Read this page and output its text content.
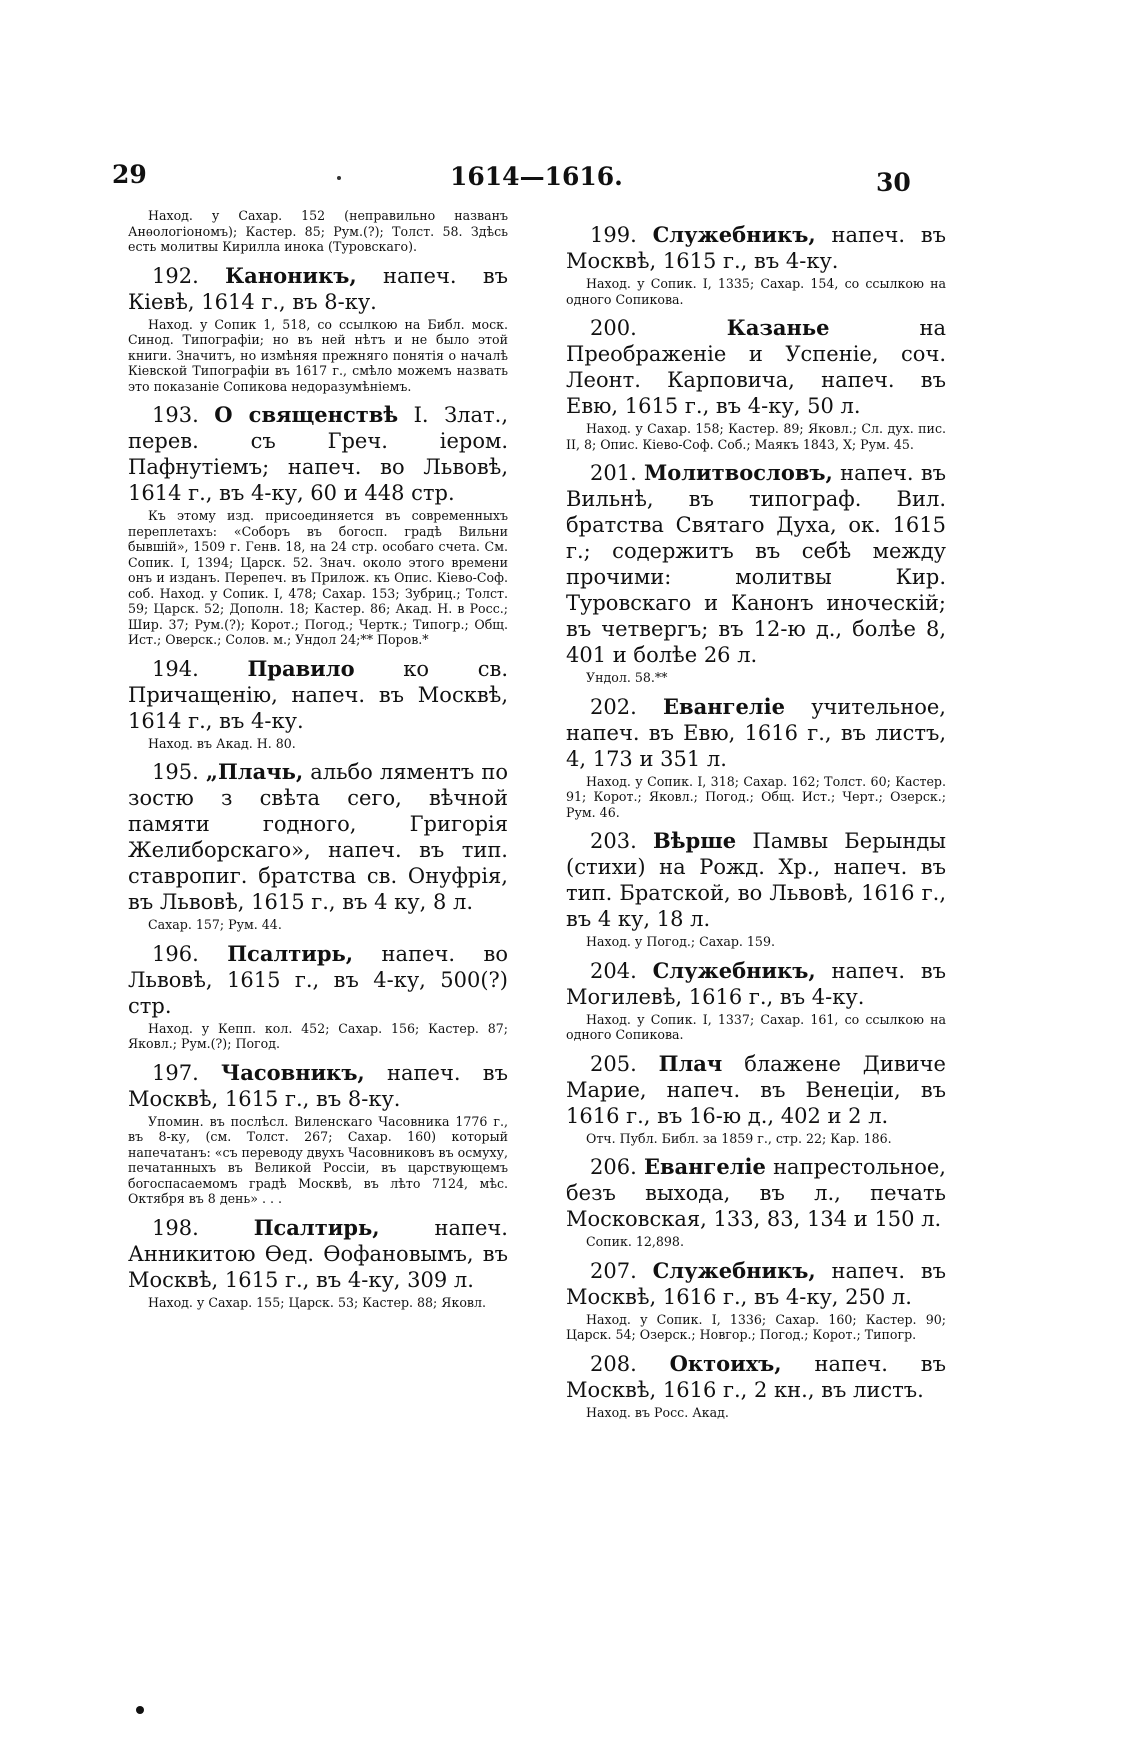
29	1614—1616.	30

Наход. у Сахар. 152 (неправильно названъ Анѳологіономъ); Кастер. 85; Рум.(?); Толст. 58. Здѣсь есть молитвы Кирилла инока (Туровскаго).

192. Каноникъ, напеч. въ Кіевѣ, 1614 г., въ 8-ку.

Наход. у Сопик 1, 518, со ссылкою на Библ. моск. Синод. Типографіи; но въ ней нѣтъ и не было этой книги. Значитъ, но измѣняя прежняго понятія о началѣ Кіевской Типографіи въ 1617 г., смѣло можемъ назвать это показаніе Сопикова недоразумѣніемъ.

193. О священствѣ І. Злат., перев. съ Греч. іером. Пафнутіемъ; напеч. во Львовѣ, 1614 г., въ 4-ку, 60 и 448 стр.

Къ этому изд. присоединяется въ современныхъ переплетахъ: «Соборъ въ богосп. градѣ Вильни бывшій», 1509 г. Генв. 18, на 24 стр. особаго счета. См. Сопик. I, 1394; Царск. 52. Знач. около этого времени онъ и изданъ. Перепеч. въ Прилож. къ Опис. Кіево-Соф. соб. Наход. у Сопик. I, 478; Сахар. 153; Зубриц.; Толст. 59; Царск. 52; Дополн. 18; Кастер. 86; Акад. Н. в Росс.; Шир. 37; Рум.(?); Корот.; Погод.; Чертк.; Типогр.; Общ. Ист.; Оверск.; Солов. м.; Ундол 24;** Поров.*

194. Правило ко св. Причащенію, напеч. въ Москвѣ, 1614 г., въ 4-ку.

Наход. въ Акад. Н. 80.

195. „Плачь, альбо ляментъ по зостю з свѣта сего, вѣчной памяти годного, Григорія Желиборскаго», напеч. въ тип. ставропиг. братства св. Онуфрія, въ Львовѣ, 1615 г., въ 4 ку, 8 л.

Сахар. 157; Рум. 44.

196. Псалтирь, напеч. во Львовѣ, 1615 г., въ 4-ку, 500(?) стр.

Наход. у Кепп. кол. 452; Сахар. 156; Кастер. 87; Яковл.; Рум.(?); Погод.

197. Часовникъ, напеч. въ Москвѣ, 1615 г., въ 8-ку.

Упомин. въ послѣсл. Виленскаго Часовника 1776 г., въ 8-ку, (см. Толст. 267; Сахар. 160) который напечатанъ: «съ переводу двухъ Часовниковъ въ осмуху, печатанныхъ въ Великой Россіи, въ царствующемъ богоспасаемомъ градѣ Москвѣ, въ лѣто 7124, мѣс. Октября въ 8 день» . . .

198.	Псалтирь,	напеч. Анникитою Ѳед. Ѳофановымъ, въ Москвѣ, 1615 г., въ 4-ку, 309 л.

Наход. у Сахар. 155; Царск. 53; Кастер. 88; Яковл.

199. Служебникъ, напеч. въ Москвѣ, 1615 г., въ 4-ку.

Наход. у Сопик. I, 1335; Сахар. 154, со ссылкою на одного Сопикова.

200.	Казанье	на Преображеніе и Успеніе, соч. Леонт. Карповича, напеч. въ Евю, 1615 г., въ 4-ку, 50 л.

Наход. у Сахар. 158; Кастер. 89; Яковл.; Сл. дух. пис. II, 8; Опис. Кіево-Соф. Соб.; Маякъ 1843, X; Рум. 45.

201. Молитвословъ, напеч. въ Вильнѣ, въ типограф. Вил. братства Святаго Духа, ок. 1615 г.; содержитъ въ себѣ между прочими: молитвы Кир. Туровскаго и Канонъ иноческій; въ четвергъ; въ 12-ю д., болѣе 8, 401 и болѣе 26 л.

Ундол. 58.**

202. Евангеліе учительное, напеч. въ Евю, 1616 г., въ листъ, 4, 173 и 351 л.

Наход. у Сопик. I, 318; Сахар. 162; Толст. 60; Кастер. 91; Корот.; Яковл.; Погод.; Общ. Ист.; Черт.; Озерск.; Рум. 46.

203. Вѣрше Памвы Берынды (стихи) на Рожд. Хр., напеч. въ тип. Братской, во Львовѣ, 1616 г., въ 4 ку, 18 л.

Наход. у Погод.; Сахар. 159.

204. Служебникъ, напеч. въ Могилевѣ, 1616 г., въ 4-ку.

Наход. у Сопик. I, 1337; Сахар. 161, со ссылкою на одного Сопикова.

205. Плач блажене Дивиче Марие, напеч. въ Венеціи, въ 1616 г., въ 16-ю д., 402 и 2 л.

Отч. Публ. Библ. за 1859 г., стр. 22; Кар. 186.

206. Евангеліе напрестольное, безъ выхода, въ л., печать Московская, 133, 83, 134 и 150 л.

Сопик. 12,898.

207. Служебникъ, напеч. въ Москвѣ, 1616 г., въ 4-ку, 250 л.

Наход. у Сопик. I, 1336; Сахар. 160; Кастер. 90; Царск. 54; Озерск.; Новгор.; Погод.; Корот.; Типогр.

208. Октоихъ, напеч. въ Москвѣ, 1616 г., 2 кн., въ листъ.

Наход. въ Росс. Акад.
